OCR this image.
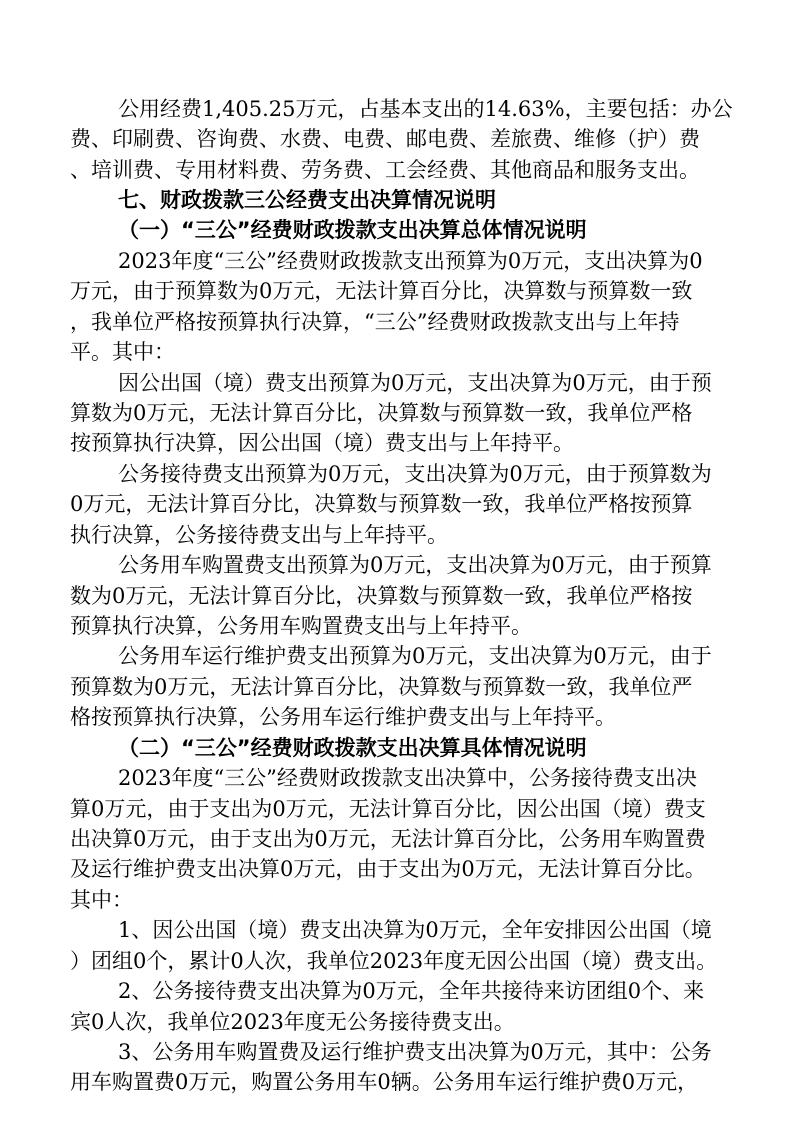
公用经费1,405.25万元，占基本支出的14.63%，主要包括：办公
费、印刷费、咨询费、水费、电费、邮电费、差旅费、维修（护）费
、培训费、专用材料费、劳务费、工会经费、其他商品和服务支出。
七、财政拨款三公经费支出决算情况说明
（一）“三公”经费财政拨款支出决算总体情况说明
2023年度“三公”经费财政拨款支出预算为0万元，支出决算为0
万元，由于预算数为0万元，无法计算百分比，决算数与预算数一致
，我单位严格按预算执行决算，“三公”经费财政拨款支出与上年持
平。其中：
因公出国（境）费支出预算为0万元，支出决算为0万元，由于预
算数为0万元，无法计算百分比，决算数与预算数一致，我单位严格
按预算执行决算，因公出国（境）费支出与上年持平。
公务接待费支出预算为0万元，支出决算为0万元，由于预算数为
0万元，无法计算百分比，决算数与预算数一致，我单位严格按预算
执行决算，公务接待费支出与上年持平。
公务用车购置费支出预算为0万元，支出决算为0万元，由于预算
数为0万元，无法计算百分比，决算数与预算数一致，我单位严格按
预算执行决算，公务用车购置费支出与上年持平。
公务用车运行维护费支出预算为0万元，支出决算为0万元，由于
预算数为0万元，无法计算百分比，决算数与预算数一致，我单位严
格按预算执行决算，公务用车运行维护费支出与上年持平。
（二）“三公”经费财政拨款支出决算具体情况说明
2023年度“三公”经费财政拨款支出决算中，公务接待费支出决
算0万元，由于支出为0万元，无法计算百分比，因公出国（境）费支
出决算0万元，由于支出为0万元，无法计算百分比，公务用车购置费
及运行维护费支出决算0万元，由于支出为0万元，无法计算百分比。
其中：
1、因公出国（境）费支出决算为0万元，全年安排因公出国（境
）团组0个，累计0人次，我单位2023年度无因公出国（境）费支出。
2、公务接待费支出决算为0万元，全年共接待来访团组0个、来
宾0人次，我单位2023年度无公务接待费支出。
3、公务用车购置费及运行维护费支出决算为0万元，其中：公务
用车购置费0万元，购置公务用车0辆。公务用车运行维护费0万元，
